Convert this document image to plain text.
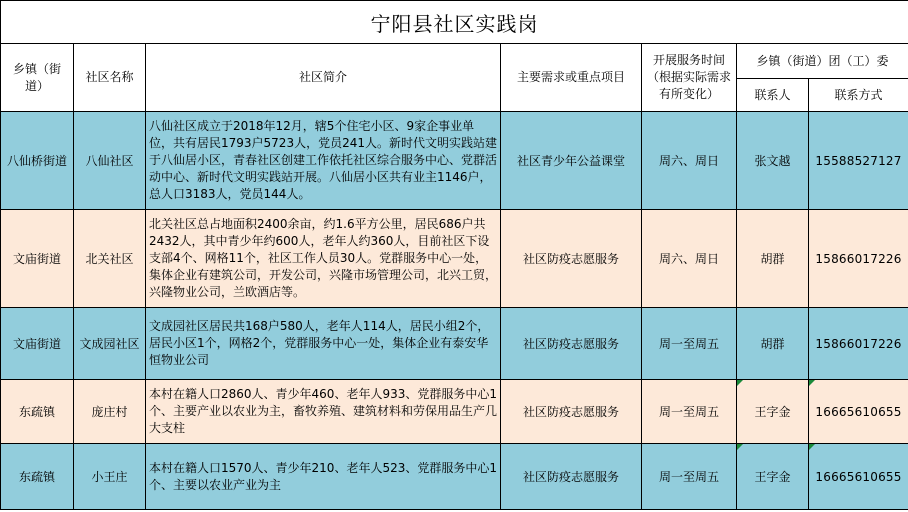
宁阳县社区实践岗						
乡镇（街道）	社区名称	社区简介	主要需求或重点项目	开展服务时间（根据实际需求有所变化）	乡镇（街道）团（工）委	
					联系人	联系方式
八仙桥街道	八仙社区	八仙社区成立于2018年12月，辖5个住宅小区、9家企事业单位，共有居民1793户5723人，党员241人。新时代文明实践站建于八仙居小区，青春社区创建工作依托社区综合服务中心、党群活动中心、新时代文明实践站开展。八仙居小区共有业主1146户，总人口3183人，党员144人。	社区青少年公益课堂	周六、周日	张文越	15588527127
文庙街道	北关社区	北关社区总占地面积2400余亩，约1.6平方公里，居民686户共2432人，其中青少年约600人，老年人约360人，目前社区下设支部4个、网格11个，社区工作人员30人。党群服务中心一处，集体企业有建筑公司，开发公司，兴隆市场管理公司，北兴工贸，兴隆物业公司，兰欧酒店等。	社区防疫志愿服务	周六、周日	胡群	15866017226
文庙街道	文成园社区	文成园社区居民共168户580人，老年人114人，居民小组2个，居民小区1个，网格2个，党群服务中心一处，集体企业有泰安华恒物业公司	社区防疫志愿服务	周一至周五	胡群	15866017226
东疏镇	庞庄村	本村在籍人口2860人、青少年460、老年人933、党群服务中心1个、主要产业以农业为主，畜牧养殖、建筑材料和劳保用品生产几大支柱	社区防疫志愿服务	周一至周五	王字金	16665610655
东疏镇	小王庄	本村在籍人口1570人、青少年210、老年人523、党群服务中心1个、主要以农业产业为主	社区防疫志愿服务	周一至周五	王字金	16665610655
